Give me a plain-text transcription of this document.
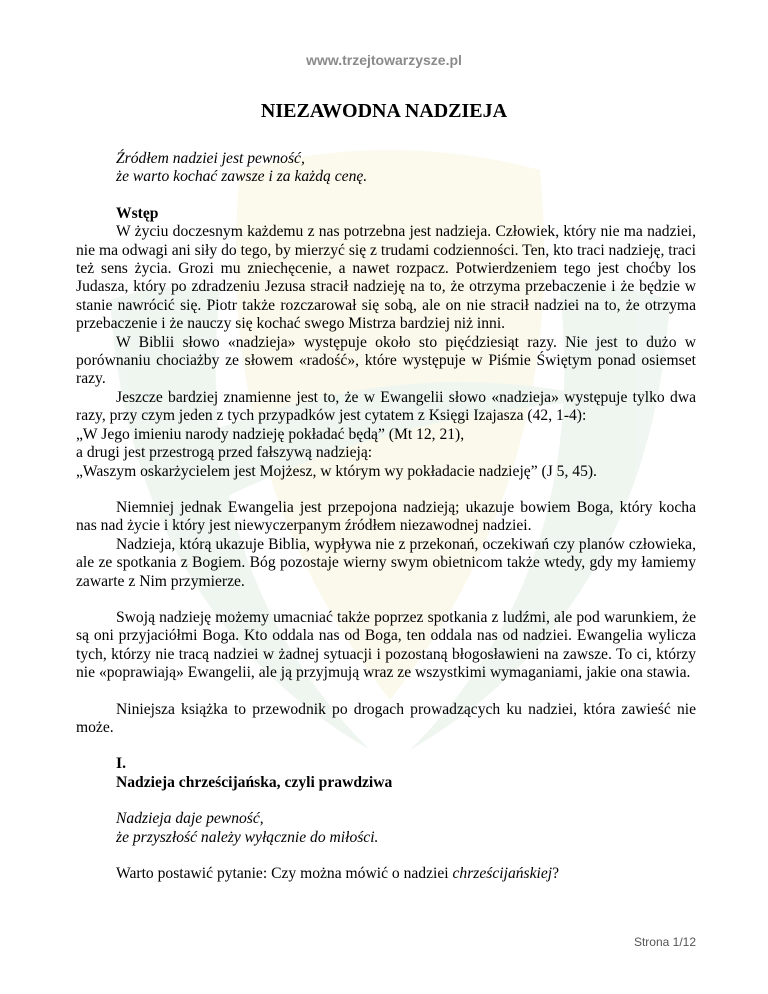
www.trzejtowarzysze.pl
NIEZAWODNA NADZIEJA

Źródłem nadziei jest pewność,

że warto kochać zawsze i za każdą cenę.

Wstęp

W życiu doczesnym każdemu z nas potrzebna jest nadzieja. Człowiek, który nie ma nadziei, nie ma odwagi ani siły do tego, by mierzyć się z trudami codzienności. Ten, kto traci nadzieję, traci też sens życia. Grozi mu zniechęcenie, a nawet rozpacz. Potwierdzeniem tego jest choćby los Judasza, który po zdradzeniu Jezusa stracił nadzieję na to, że otrzyma przebaczenie i że będzie w stanie nawrócić się. Piotr także rozczarował się sobą, ale on nie stracił nadziei na to, że otrzyma przebaczenie i że nauczy się kochać swego Mistrza bardziej niż inni.

W Biblii słowo «nadzieja» występuje około sto pięćdziesiąt razy. Nie jest to dużo w porównaniu chociażby ze słowem «radość», które występuje w Piśmie Świętym ponad osiemset razy.

Jeszcze bardziej znamienne jest to, że w Ewangelii słowo «nadzieja» występuje tylko dwa razy, przy czym jeden z tych przypadków jest cytatem z Księgi Izajasza (42, 1-4):

„W Jego imieniu narody nadzieję pokładać będą” (Mt 12, 21),

a drugi jest przestrogą przed fałszywą nadzieją:

„Waszym oskarżycielem jest Mojżesz, w którym wy pokładacie nadzieję” (J 5, 45).

Niemniej jednak Ewangelia jest przepojona nadzieją; ukazuje bowiem Boga, który kocha nas nad życie i który jest niewyczerpanym źródłem niezawodnej nadziei.

Nadzieja, którą ukazuje Biblia, wypływa nie z przekonań, oczekiwań czy planów człowieka, ale ze spotkania z Bogiem. Bóg pozostaje wierny swym obietnicom także wtedy, gdy my łamiemy zawarte z Nim przymierze.

Swoją nadzieję możemy umacniać także poprzez spotkania z ludźmi, ale pod warunkiem, że są oni przyjaciółmi Boga. Kto oddala nas od Boga, ten oddala nas od nadziei. Ewangelia wylicza tych, którzy nie tracą nadziei w żadnej sytuacji i pozostaną błogosławieni na zawsze. To ci, którzy nie «poprawiają» Ewangelii, ale ją przyjmują wraz ze wszystkimi wymaganiami, jakie ona stawia.

Niniejsza książka to przewodnik po drogach prowadzących ku nadziei, która zawieść nie może.

I.

Nadzieja chrześcijańska, czyli prawdziwa

Nadzieja daje pewność,

że przyszłość należy wyłącznie do miłości.

Warto postawić pytanie: Czy można mówić o nadziei chrześcijańskiej?

Strona 1/12
